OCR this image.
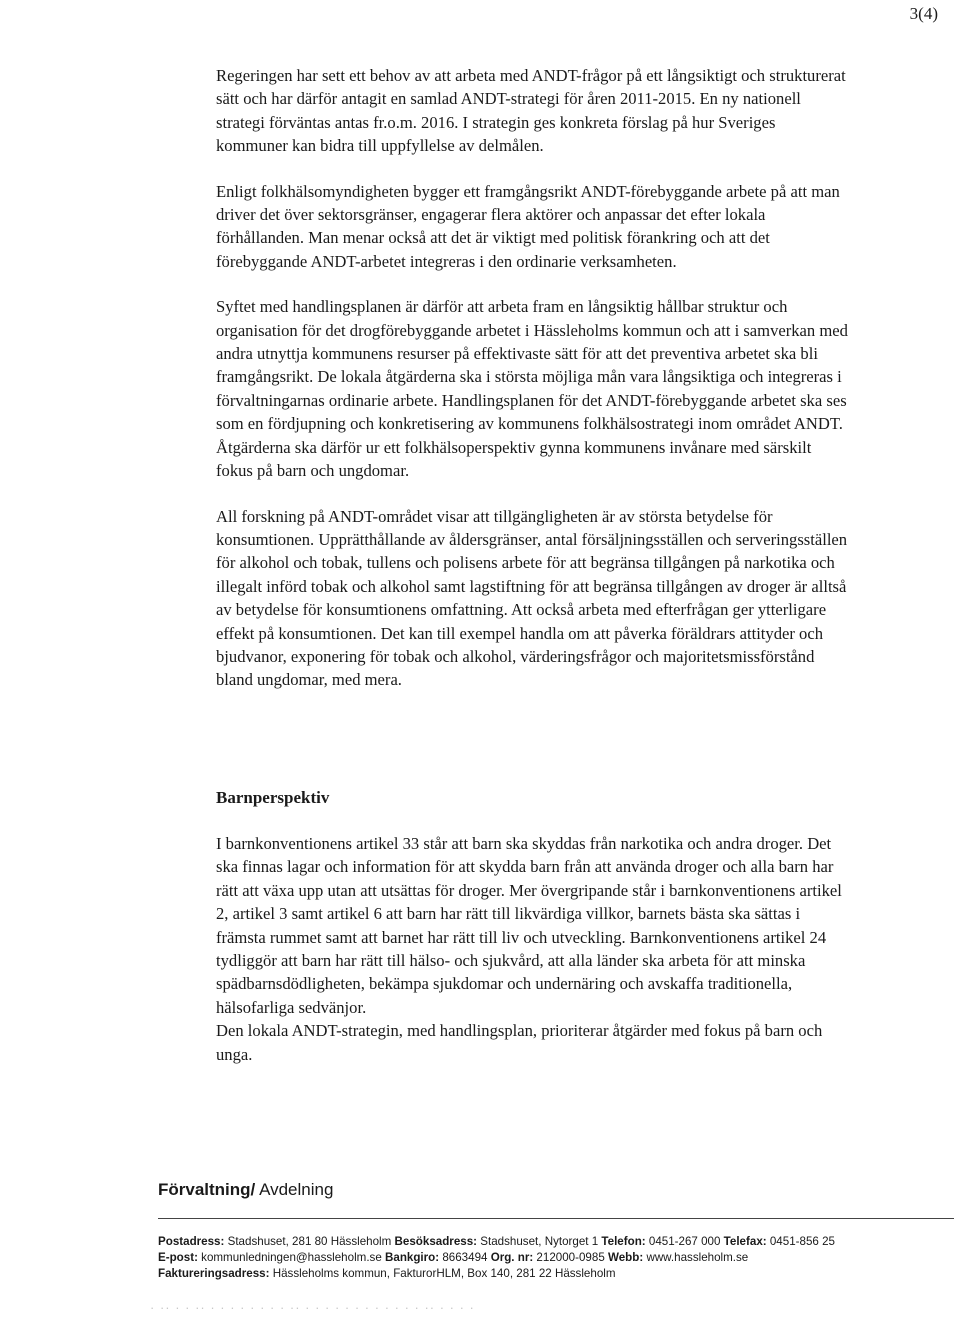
3(4)

Regeringen har sett ett behov av att arbeta med ANDT-frågor på ett långsiktigt och strukturerat sätt och har därför antagit en samlad ANDT-strategi för åren 2011-2015. En ny nationell strategi förväntas antas fr.o.m. 2016. I strategin ges konkreta förslag på hur Sveriges kommuner kan bidra till uppfyllelse av delmålen.

Enligt folkhälsomyndigheten bygger ett framgångsrikt ANDT-förebyggande arbete på att man driver det över sektorsgränser, engagerar flera aktörer och anpassar det efter lokala förhållanden. Man menar också att det är viktigt med politisk förankring och att det förebyggande ANDT-arbetet integreras i den ordinarie verksamheten.

Syftet med handlingsplanen är därför att arbeta fram en långsiktig hållbar struktur och organisation för det drogförebyggande arbetet i Hässleholms kommun och att i samverkan med andra utnyttja kommunens resurser på effektivaste sätt för att det preventiva arbetet ska bli framgångsrikt. De lokala åtgärderna ska i största möjliga mån vara långsiktiga och integreras i förvaltningarnas ordinarie arbete. Handlingsplanen för det ANDT-förebyggande arbetet ska ses som en fördjupning och konkretisering av kommunens folkhälsostrategi inom området ANDT. Åtgärderna ska därför ur ett folkhälsoperspektiv gynna kommunens invånare med särskilt fokus på barn och ungdomar.

All forskning på ANDT-området visar att tillgängligheten är av största betydelse för konsumtionen. Upprätthållande av åldersgränser, antal försäljningsställen och serveringsställen för alkohol och tobak, tullens och polisens arbete för att begränsa tillgången på narkotika och illegalt införd tobak och alkohol samt lagstiftning för att begränsa tillgången av droger är alltså av betydelse för konsumtionens omfattning. Att också arbeta med efterfrågan ger ytterligare effekt på konsumtionen. Det kan till exempel handla om att påverka föräldrars attityder och bjudvanor, exponering för tobak och alkohol, värderingsfrågor och majoritetsmissförstånd bland ungdomar, med mera.

Barnperspektiv

I barnkonventionens artikel 33 står att barn ska skyddas från narkotika och andra droger. Det ska finnas lagar och information för att skydda barn från att använda droger och alla barn har rätt att växa upp utan att utsättas för droger. Mer övergripande står i barnkonventionens artikel 2, artikel 3 samt artikel 6 att barn har rätt till likvärdiga villkor, barnets bästa ska sättas i främsta rummet samt att barnet har rätt till liv och utveckling. Barnkonventionens artikel 24 tydliggör att barn har rätt till hälso- och sjukvård, att alla länder ska arbeta för att minska spädbarnsdödligheten, bekämpa sjukdomar och undernäring och avskaffa traditionella, hälsofarliga sedvänjor.

Den lokala ANDT-strategin, med handlingsplan, prioriterar åtgärder med fokus på barn och unga.

Förvaltning/ Avdelning
Postadress: Stadshuset, 281 80 Hässleholm Besöksadress: Stadshuset, Nytorget 1 Telefon: 0451-267 000 Telefax: 0451-856 25
E-post: kommunledningen@hassleholm.se Bankgiro: 8663494 Org. nr: 212000-0985 Webb: www.hassleholm.se
Faktureringsadress: Hässleholms kommun, FakturorHLM, Box 140, 281 22 Hässleholm
· ·· · · ·· · · · · · · · · ·· · · · · · · · · · · · · ·· · · · ·
